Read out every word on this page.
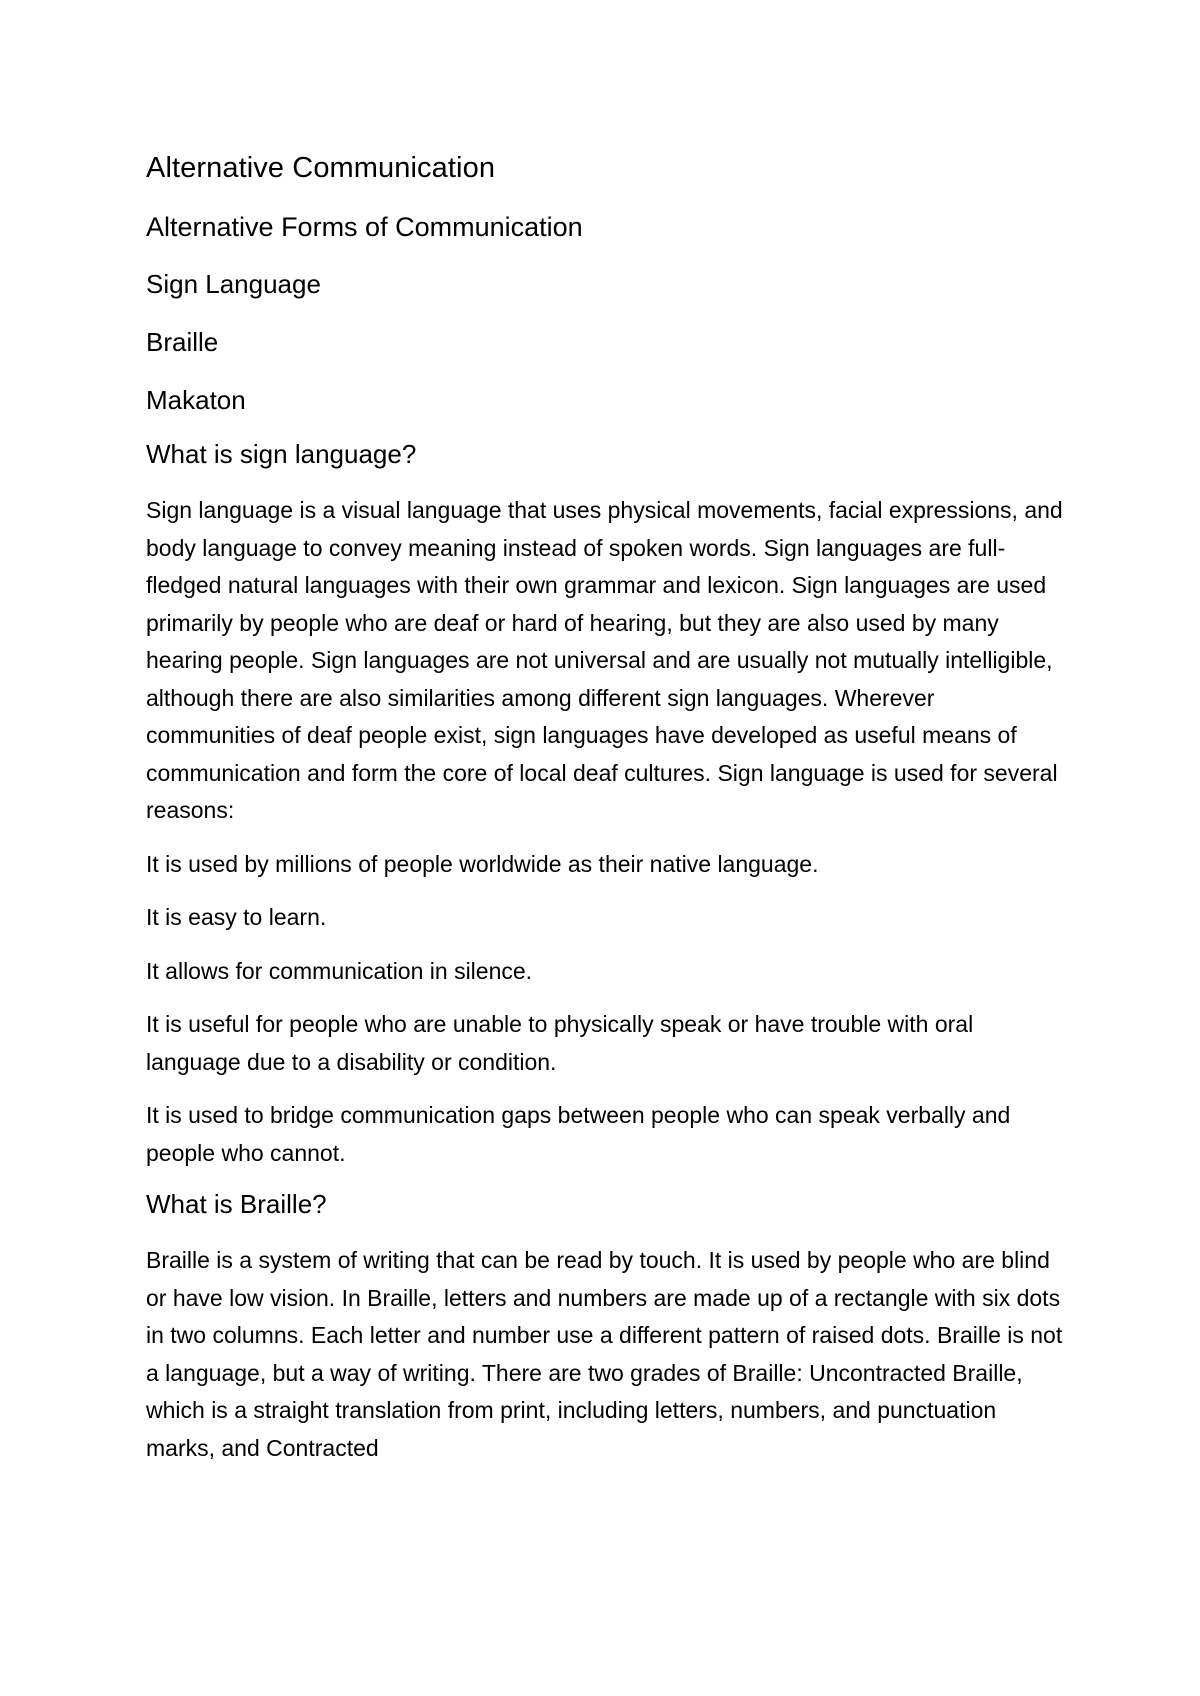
Alternative Communication
Alternative Forms of Communication
Sign Language
Braille
Makaton
What is sign language?

Sign language is a visual language that uses physical movements, facial expressions, and body language to convey meaning instead of spoken words. Sign languages are full-fledged natural languages with their own grammar and lexicon. Sign languages are used primarily by people who are deaf or hard of hearing, but they are also used by many hearing people. Sign languages are not universal and are usually not mutually intelligible, although there are also similarities among different sign languages. Wherever communities of deaf people exist, sign languages have developed as useful means of communication and form the core of local deaf cultures. Sign language is used for several reasons:

It is used by millions of people worldwide as their native language.

It is easy to learn.

It allows for communication in silence.

It is useful for people who are unable to physically speak or have trouble with oral language due to a disability or condition.

It is used to bridge communication gaps between people who can speak verbally and people who cannot.

What is Braille?

Braille is a system of writing that can be read by touch. It is used by people who are blind or have low vision. In Braille, letters and numbers are made up of a rectangle with six dots in two columns. Each letter and number use a different pattern of raised dots. Braille is not a language, but a way of writing. There are two grades of Braille: Uncontracted Braille, which is a straight translation from print, including letters, numbers, and punctuation marks, and Contracted
